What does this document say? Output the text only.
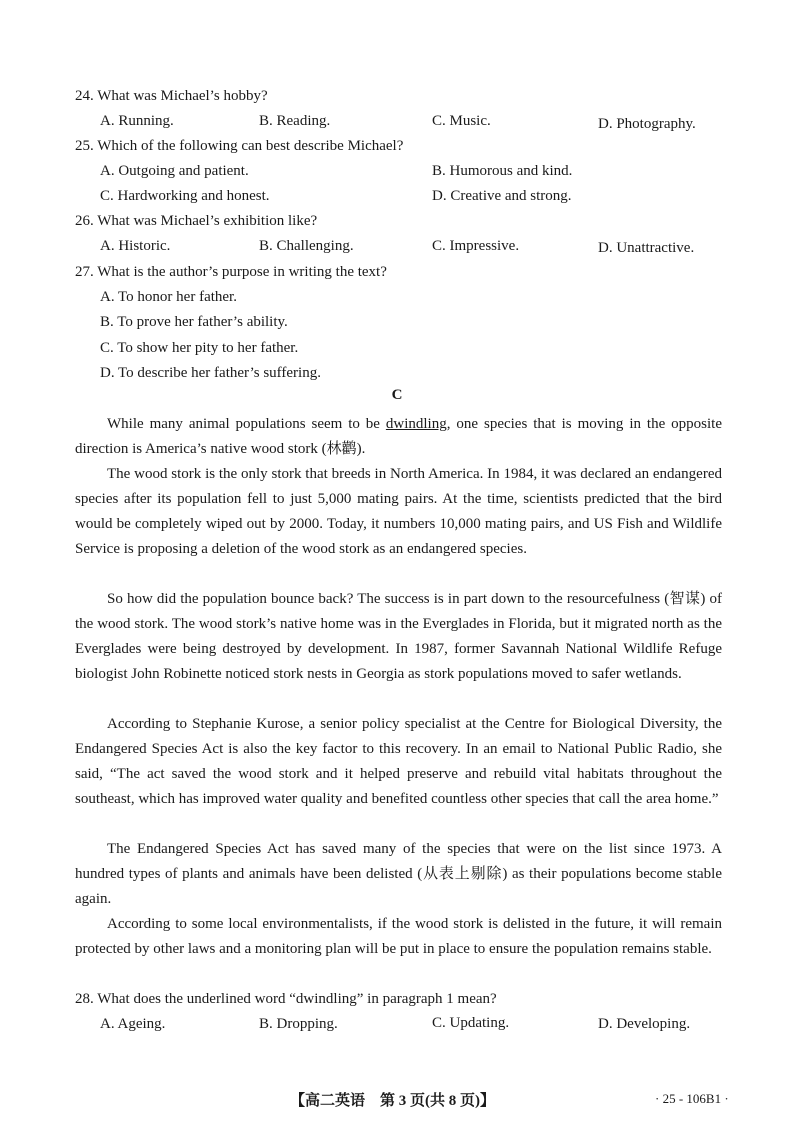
24. What was Michael’s hobby?
A. Running.	B. Reading.	C. Music.	D. Photography.
25. Which of the following can best describe Michael?
A. Outgoing and patient.	B. Humorous and kind.
C. Hardworking and honest.	D. Creative and strong.
26. What was Michael’s exhibition like?
A. Historic.	B. Challenging.	C. Impressive.	D. Unattractive.
27. What is the author’s purpose in writing the text?
A. To honor her father.
B. To prove her father’s ability.
C. To show her pity to her father.
D. To describe her father’s suffering.
C

While many animal populations seem to be dwindling, one species that is moving in the opposite direction is America’s native wood stork (林鹳).

The wood stork is the only stork that breeds in North America. In 1984, it was declared an endangered species after its population fell to just 5,000 mating pairs. At the time, scientists predicted that the bird would be completely wiped out by 2000. Today, it numbers 10,000 mating pairs, and US Fish and Wildlife Service is proposing a deletion of the wood stork as an endangered species.

So how did the population bounce back? The success is in part down to the resourcefulness (智谋) of the wood stork. The wood stork’s native home was in the Everglades in Florida, but it migrated north as the Everglades were being destroyed by development. In 1987, former Savannah National Wildlife Refuge biologist John Robinette noticed stork nests in Georgia as stork populations moved to safer wetlands.

According to Stephanie Kurose, a senior policy specialist at the Centre for Biological Diversity, the Endangered Species Act is also the key factor to this recovery. In an email to National Public Radio, she said, “The act saved the wood stork and it helped preserve and rebuild vital habitats throughout the southeast, which has improved water quality and benefited countless other species that call the area home.”

The Endangered Species Act has saved many of the species that were on the list since 1973. A hundred types of plants and animals have been delisted (从表上剔除) as their populations become stable again.

According to some local environmentalists, if the wood stork is delisted in the future, it will remain protected by other laws and a monitoring plan will be put in place to ensure the population remains stable.

28. What does the underlined word “dwindling” in paragraph 1 mean?
A. Ageing.	B. Dropping.	C. Updating.	D. Developing.
【高二英语　第 3 页(共 8 页)】	· 25 - 106B1 ·
